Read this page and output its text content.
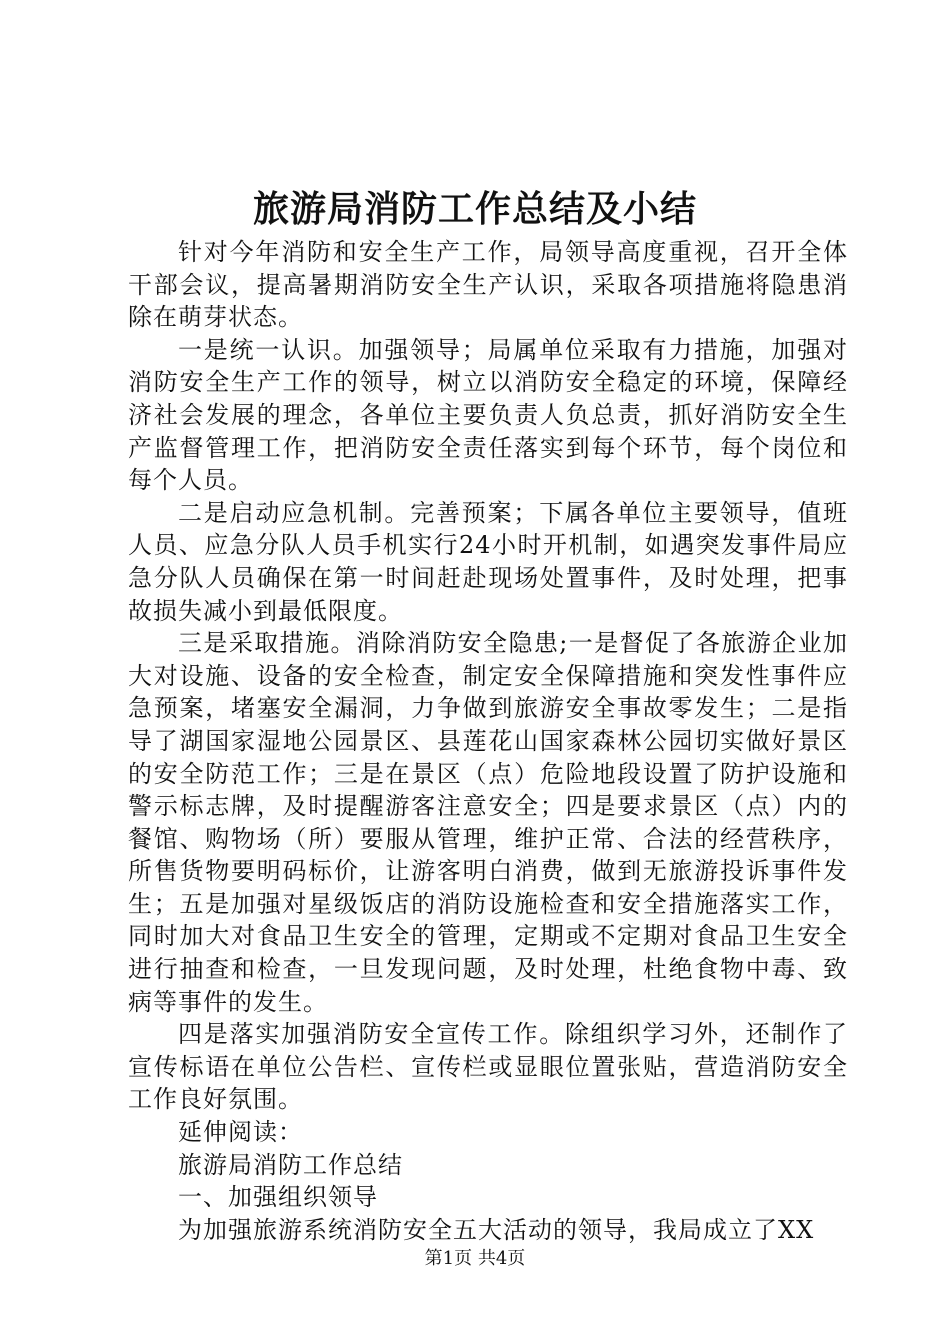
旅游局消防工作总结及小结

针对今年消防和安全生产工作，局领导高度重视，召开全体干部会议，提高暑期消防安全生产认识，采取各项措施将隐患消除在萌芽状态。

一是统一认识。加强领导；局属单位采取有力措施，加强对消防安全生产工作的领导，树立以消防安全稳定的环境，保障经济社会发展的理念，各单位主要负责人负总责，抓好消防安全生产监督管理工作，把消防安全责任落实到每个环节，每个岗位和每个人员。

二是启动应急机制。完善预案；下属各单位主要领导，值班人员、应急分队人员手机实行24小时开机制，如遇突发事件局应急分队人员确保在第一时间赶赴现场处置事件，及时处理，把事故损失减小到最低限度。

三是采取措施。消除消防安全隐患;一是督促了各旅游企业加大对设施、设备的安全检查，制定安全保障措施和突发性事件应急预案，堵塞安全漏洞，力争做到旅游安全事故零发生；二是指导了湖国家湿地公园景区、县莲花山国家森林公园切实做好景区的安全防范工作；三是在景区（点）危险地段设置了防护设施和警示标志牌，及时提醒游客注意安全；四是要求景区（点）内的餐馆、购物场（所）要服从管理，维护正常、合法的经营秩序，所售货物要明码标价，让游客明白消费，做到无旅游投诉事件发生；五是加强对星级饭店的消防设施检查和安全措施落实工作，同时加大对食品卫生安全的管理，定期或不定期对食品卫生安全进行抽查和检查，一旦发现问题，及时处理，杜绝食物中毒、致病等事件的发生。

四是落实加强消防安全宣传工作。除组织学习外，还制作了宣传标语在单位公告栏、宣传栏或显眼位置张贴，营造消防安全工作良好氛围。

延伸阅读：

旅游局消防工作总结

一、加强组织领导

为加强旅游系统消防安全五大活动的领导，我局成立了XX

第1页 共4页
